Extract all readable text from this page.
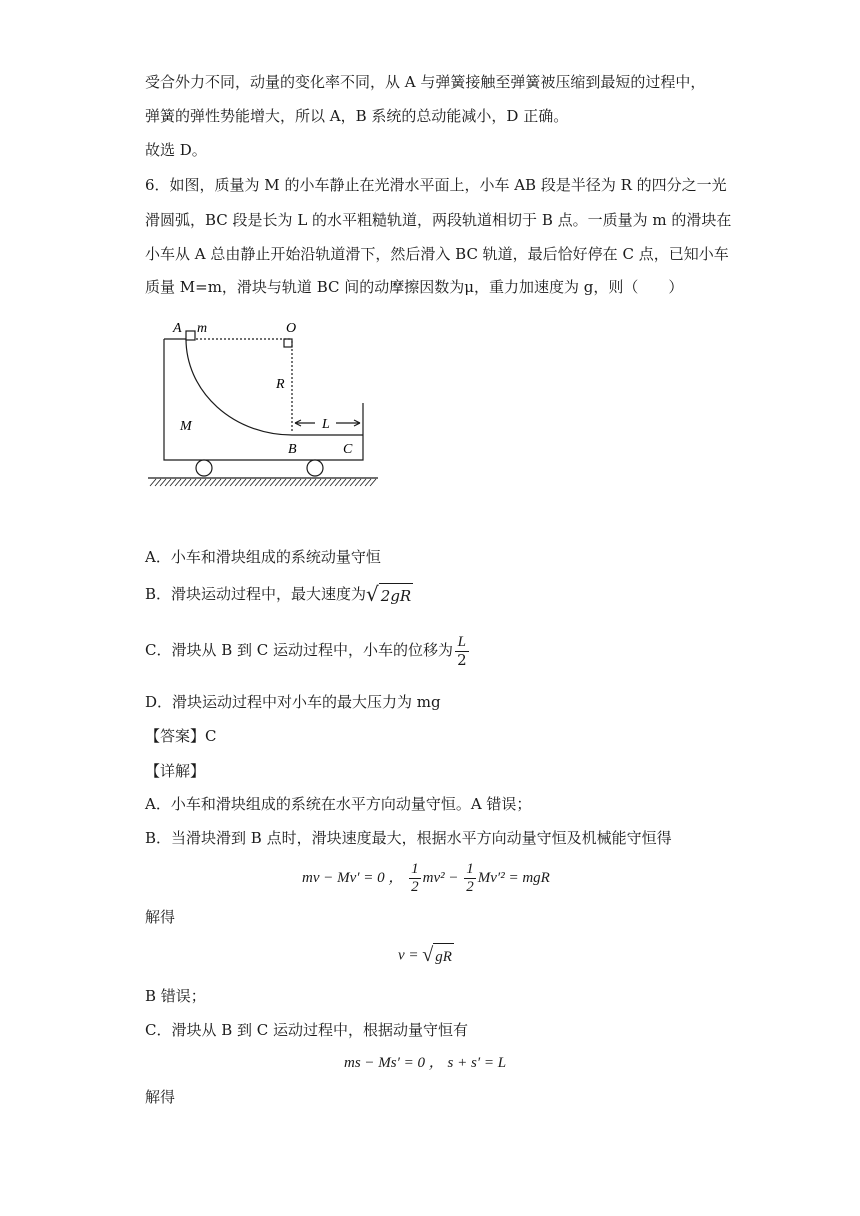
受合外力不同，动量的变化率不同，从 A 与弹簧接触至弹簧被压缩到最短的过程中，
弹簧的弹性势能增大，所以 A，B 系统的总动能减小，D 正确。
故选 D。
6．如图，质量为 M 的小车静止在光滑水平面上，小车 AB 段是半径为 R 的四分之一光
滑圆弧，BC 段是长为 L 的水平粗糙轨道，两段轨道相切于 B 点。一质量为 m 的滑块在
小车从 A 总由静止开始沿轨道滑下，然后滑入 BC 轨道，最后恰好停在 C 点，已知小车
质量 M=m，滑块与轨道 BC 间的动摩擦因数为μ，重力加速度为 g，则（　　）
A m	O
R
M
B	C
L
A．小车和滑块组成的系统动量守恒
B．滑块运动过程中，最大速度为√ 2gR
C．滑块从 B 到 C 运动过程中，小车的位移为 $\frac{L}{2}$
D．滑块运动过程中对小车的最大压力为 mg
【答案】C
【详解】
A．小车和滑块组成的系统在水平方向动量守恒。A 错误；
B．当滑块滑到 B 点时，滑块速度最大，根据水平方向动量守恒及机械能守恒得
mv − Mv′ = 0 ， $\frac{1}{2} mv^2 - \frac{1}{2} Mv'^2$ = mgR
解得
v = √ gR
B 错误；
C．滑块从 B 到 C 运动过程中，根据动量守恒有
ms − Ms′ = 0 ， s + s′ = L
解得
